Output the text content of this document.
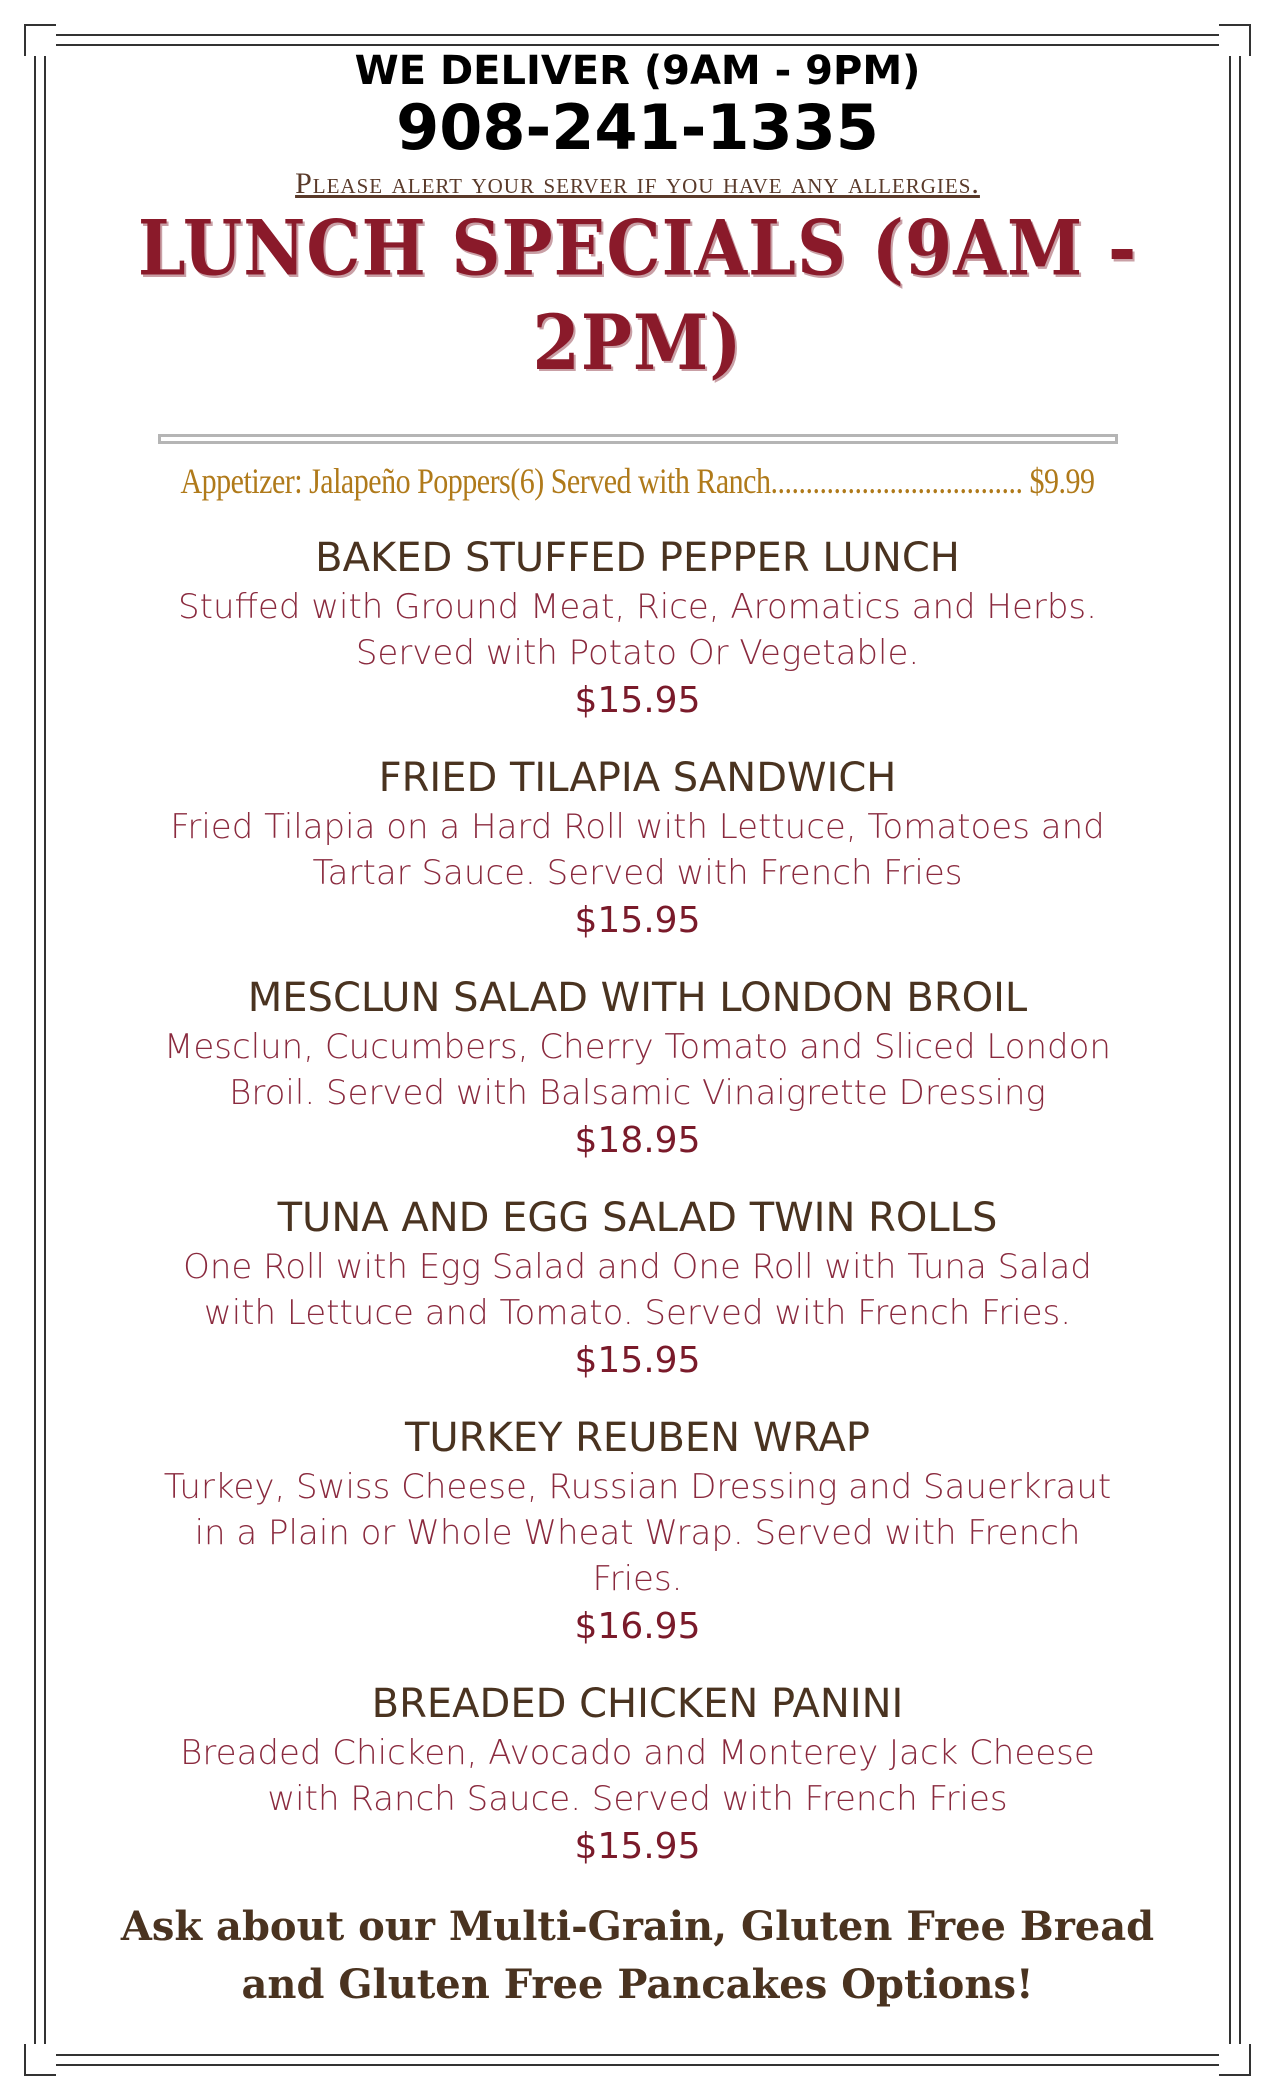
WE DELIVER (9AM - 9PM)

908-241-1335

Please alert your server if you have any allergies.

LUNCH SPECIALS (9AM - 2PM)

Appetizer: Jalapeño Poppers(6) Served with Ranch.................................... $9.99

BAKED STUFFED PEPPER LUNCH

Stuffed with Ground Meat, Rice, Aromatics and Herbs. Served with Potato Or Vegetable.

$15.95

FRIED TILAPIA SANDWICH

Fried Tilapia on a Hard Roll with Lettuce, Tomatoes and Tartar Sauce. Served with French Fries

$15.95

MESCLUN SALAD WITH LONDON BROIL

Mesclun, Cucumbers, Cherry Tomato and Sliced London Broil. Served with Balsamic Vinaigrette Dressing

$18.95

TUNA AND EGG SALAD TWIN ROLLS

One Roll with Egg Salad and One Roll with Tuna Salad with Lettuce and Tomato. Served with French Fries.

$15.95

TURKEY REUBEN WRAP

Turkey, Swiss Cheese, Russian Dressing and Sauerkraut in a Plain or Whole Wheat Wrap. Served with French Fries.

$16.95

BREADED CHICKEN PANINI

Breaded Chicken, Avocado and Monterey Jack Cheese with Ranch Sauce. Served with French Fries

$15.95

Ask about our Multi-Grain, Gluten Free Bread and Gluten Free Pancakes Options!
